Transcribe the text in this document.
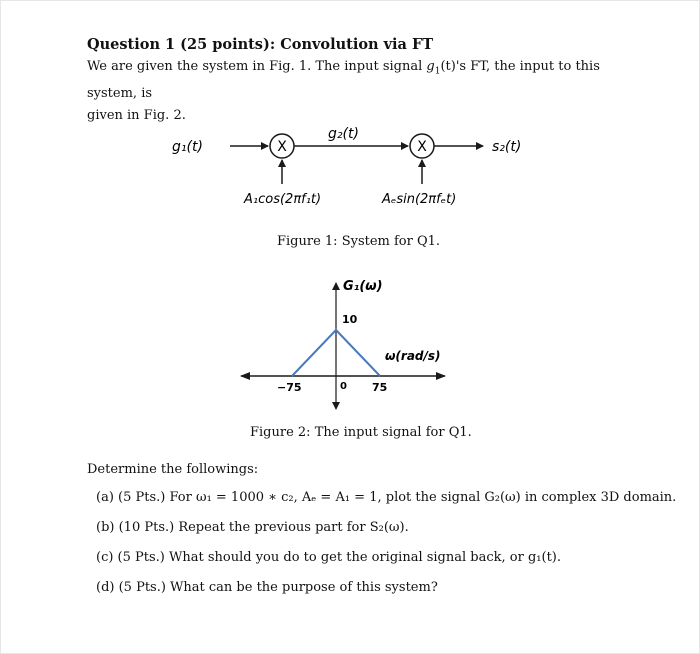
Question 1 (25 points): Convolution via FT
We are given the system in Fig. 1. The input signal $g_1(t)'s$ FT, the input to this system, is
given in Fig. 2.
X	X
g₁(t)
g₂(t)
s₂(t)
A₁cos(2πf₁t)	Aₑsin(2πfₑt)
G₁(ω)
10
ω(rad/s)
−75	0 75
Figure 1: System for Q1.
Figure 2: The input signal for Q1.
Determine the followings:
(a) (5 Pts.) For ω₁ = 1000 ∗ c₂, Aₑ = A₁ = 1, plot the signal G₂(ω) in complex 3D domain.
(b) (10 Pts.) Repeat the previous part for S₂(ω).
(c) (5 Pts.) What should you do to get the original signal back, or g₁(t).
(d) (5 Pts.) What can be the purpose of this system?
